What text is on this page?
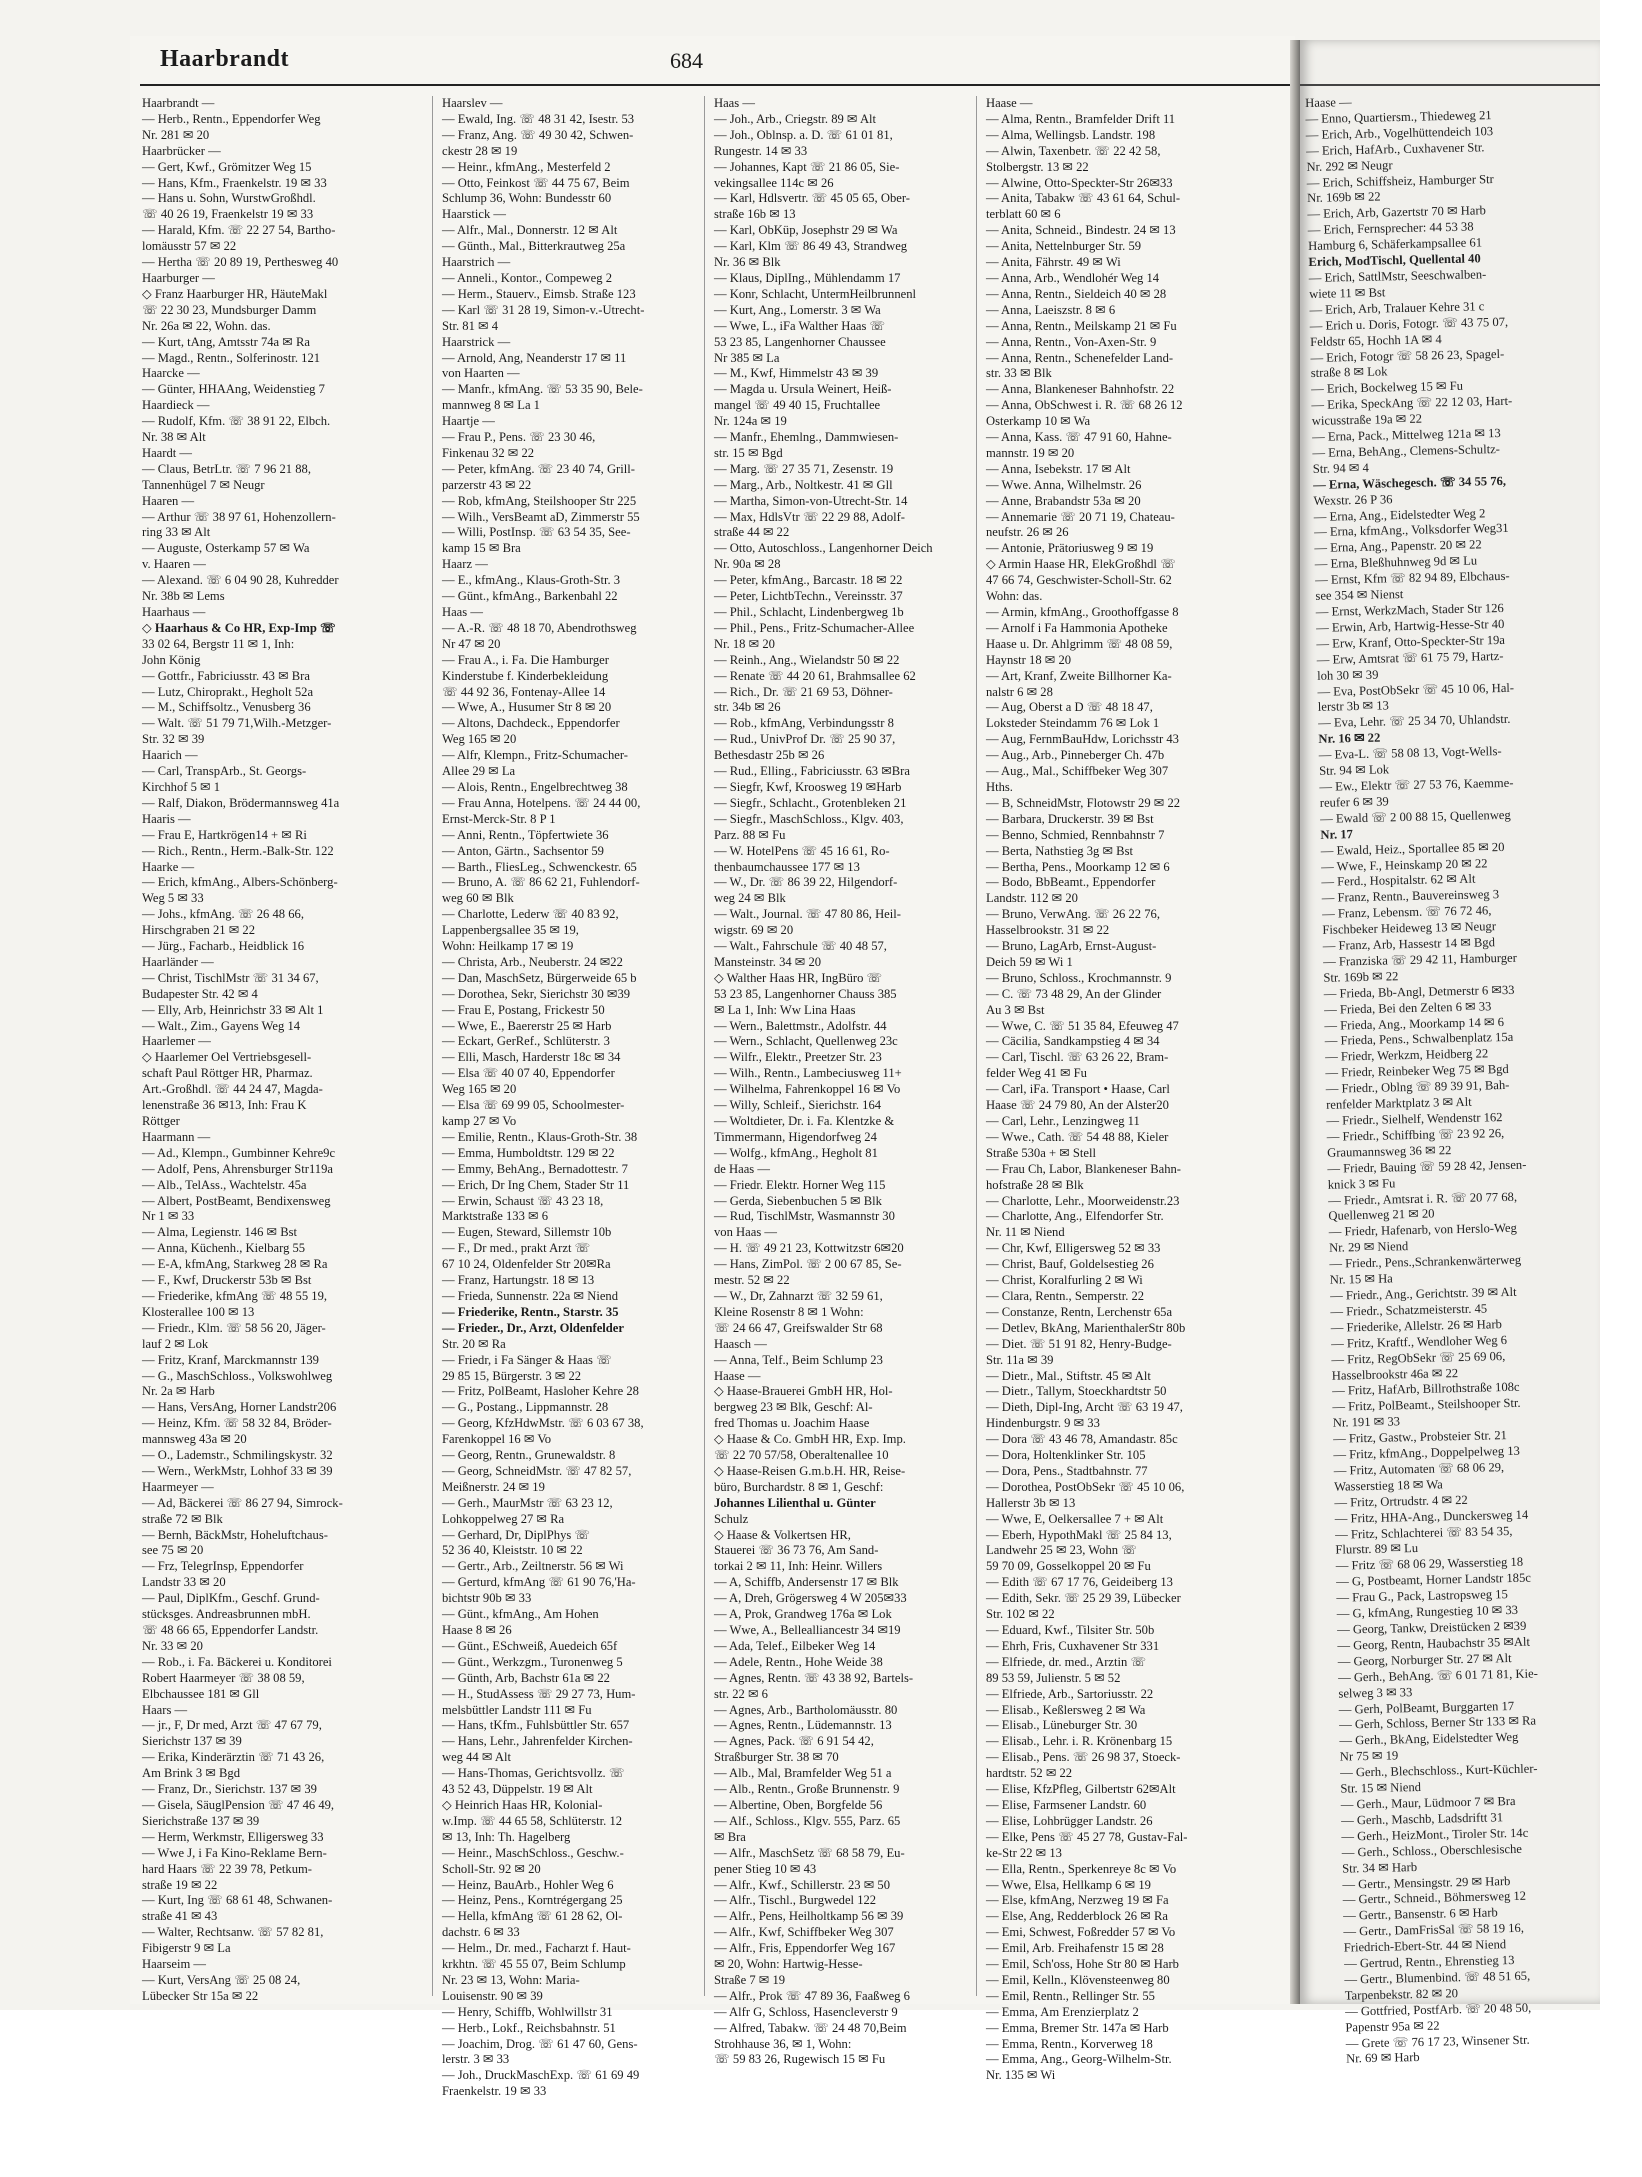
Haarbrandt	684
Haarbrandt —
— Herb., Rentn., Eppendorfer Weg
Nr. 281 ✉ 20
Haarbrücker —
— Gert, Kwf., Grömitzer Weg 15
— Hans, Kfm., Fraenkelstr. 19 ✉ 33
— Hans u. Sohn, WurstwGroßhdl.
☏ 40 26 19, Fraenkelstr 19 ✉ 33
— Harald, Kfm. ☏ 22 27 54, Bartho-
lomäusstr 57 ✉ 22
— Hertha ☏ 20 89 19, Perthesweg 40
Haarburger —
◇ Franz Haarburger HR, HäuteMakl
☏ 22 30 23, Mundsburger Damm
Nr. 26a ✉ 22, Wohn. das.
— Kurt, tAng, Amtsstr 74a ✉ Ra
— Magd., Rentn., Solferinostr. 121
Haarcke —
— Günter, HHAAng, Weidenstieg 7
Haardieck —
— Rudolf, Kfm. ☏ 38 91 22, Elbch.
Nr. 38 ✉ Alt
Haardt —
— Claus, BetrLtr. ☏ 7 96 21 88,
Tannenhügel 7 ✉ Neugr
Haaren —
— Arthur ☏ 38 97 61, Hohenzollern-
ring 33 ✉ Alt
— Auguste, Osterkamp 57 ✉ Wa
v. Haaren —
— Alexand. ☏ 6 04 90 28, Kuhredder
Nr. 38b ✉ Lems
Haarhaus —
◇ Haarhaus & Co HR, Exp-Imp ☏
33 02 64, Bergstr 11 ✉ 1, Inh:
John König
— Gottfr., Fabriciusstr. 43 ✉ Bra
— Lutz, Chiroprakt., Hegholt 52a
— M., Schiffsoltz., Venusberg 36
— Walt. ☏ 51 79 71,Wilh.-Metzger-
Str. 32 ✉ 39
Haarich —
— Carl, TranspArb., St. Georgs-
Kirchhof 5 ✉ 1
— Ralf, Diakon, Brödermannsweg 41a
Haaris —
— Frau E, Hartkrögen14 + ✉ Ri
— Rich., Rentn., Herm.-Balk-Str. 122
Haarke —
— Erich, kfmAng., Albers-Schönberg-
Weg 5 ✉ 33
— Johs., kfmAng. ☏ 26 48 66,
Hirschgraben 21 ✉ 22
— Jürg., Facharb., Heidblick 16
Haarländer —
— Christ, TischlMstr ☏ 31 34 67,
Budapester Str. 42 ✉ 4
— Elly, Arb, Heinrichstr 33 ✉ Alt 1
— Walt., Zim., Gayens Weg 14
Haarlemer —
◇ Haarlemer Oel Vertriebsgesell-
schaft Paul Röttger HR, Pharmaz.
Art.-Großhdl. ☏ 44 24 47, Magda-
lenenstraße 36 ✉13, Inh: Frau K
Röttger
Haarmann —
— Ad., Klempn., Gumbinner Kehre9c
— Adolf, Pens, Ahrensburger Str119a
— Alb., TelAss., Wachtelstr. 45a
— Albert, PostBeamt, Bendixensweg
Nr 1 ✉ 33
— Alma, Legienstr. 146 ✉ Bst
— Anna, Küchenh., Kielbarg 55
— E-A, kfmAng, Starkweg 28 ✉ Ra
— F., Kwf, Druckerstr 53b ✉ Bst
— Friederike, kfmAng ☏ 48 55 19,
Klosterallee 100 ✉ 13
— Friedr., Klm. ☏ 58 56 20, Jäger-
lauf 2 ✉ Lok
— Fritz, Kranf, Marckmannstr 139
— G., MaschSchloss., Volkswohlweg
Nr. 2a ✉ Harb
— Hans, VersAng, Horner Landstr206
— Heinz, Kfm. ☏ 58 32 84, Bröder-
mannsweg 43a ✉ 20
— O., Lademstr., Schmilingskystr. 32
— Wern., WerkMstr, Lohhof 33 ✉ 39
Haarmeyer —
— Ad, Bäckerei ☏ 86 27 94, Simrock-
straße 72 ✉ Blk
— Bernh, BäckMstr, Hoheluftchaus-
see 75 ✉ 20
— Frz, TelegrInsp, Eppendorfer
Landstr 33 ✉ 20
— Paul, DiplKfm., Geschf. Grund-
stücksges. Andreasbrunnen mbH.
☏ 48 66 65, Eppendorfer Landstr.
Nr. 33 ✉ 20
— Rob., i. Fa. Bäckerei u. Konditorei
Robert Haarmeyer ☏ 38 08 59,
Elbchaussee 181 ✉ Gll
Haars —
— jr., F, Dr med, Arzt ☏ 47 67 79,
Sierichstr 137 ✉ 39
— Erika, Kinderärztin ☏ 71 43 26,
Am Brink 3 ✉ Bgd
— Franz, Dr., Sierichstr. 137 ✉ 39
— Gisela, SäuglPension ☏ 47 46 49,
Sierichstraße 137 ✉ 39
— Herm, Werkmstr, Elligersweg 33
— Wwe J, i Fa Kino-Reklame Bern-
hard Haars ☏ 22 39 78, Petkum-
straße 19 ✉ 22
— Kurt, Ing ☏ 68 61 48, Schwanen-
straße 41 ✉ 43
— Walter, Rechtsanw. ☏ 57 82 81,
Fibigerstr 9 ✉ La
Haarseim —
— Kurt, VersAng ☏ 25 08 24,
Lübecker Str 15a ✉ 22
Haarslev —
— Ewald, Ing. ☏ 48 31 42, Isestr. 53
— Franz, Ang. ☏ 49 30 42, Schwen-
ckestr 28 ✉ 19
— Heinr., kfmAng., Mesterfeld 2
— Otto, Feinkost ☏ 44 75 67, Beim
Schlump 36, Wohn: Bundesstr 60
Haarstick —
— Alfr., Mal., Donnerstr. 12 ✉ Alt
— Günth., Mal., Bitterkrautweg 25a
Haarstrich —
— Anneli., Kontor., Compeweg 2
— Herm., Stauerv., Eimsb. Straße 123
— Karl ☏ 31 28 19, Simon-v.-Utrecht-
Str. 81 ✉ 4
Haarstrick —
— Arnold, Ang, Neanderstr 17 ✉ 11
von Haarten —
— Manfr., kfmAng. ☏ 53 35 90, Bele-
mannweg 8 ✉ La 1
Haartje —
— Frau P., Pens. ☏ 23 30 46,
Finkenau 32 ✉ 22
— Peter, kfmAng. ☏ 23 40 74, Grill-
parzerstr 43 ✉ 22
— Rob, kfmAng, Steilshooper Str 225
— Wilh., VersBeamt aD, Zimmerstr 55
— Willi, PostInsp. ☏ 63 54 35, See-
kamp 15 ✉ Bra
Haarz —
— E., kfmAng., Klaus-Groth-Str. 3
— Günt., kfmAng., Barkenbahl 22
Haas —
— A.-R. ☏ 48 18 70, Abendrothsweg
Nr 47 ✉ 20
— Frau A., i. Fa. Die Hamburger
Kinderstube f. Kinderbekleidung
☏ 44 92 36, Fontenay-Allee 14
— Wwe, A., Husumer Str 8 ✉ 20
— Altons, Dachdeck., Eppendorfer
Weg 165 ✉ 20
— Alfr, Klempn., Fritz-Schumacher-
Allee 29 ✉ La
— Alois, Rentn., Engelbrechtweg 38
— Frau Anna, Hotelpens. ☏ 24 44 00,
Ernst-Merck-Str. 8 P 1
— Anni, Rentn., Töpfertwiete 36
— Anton, Gärtn., Sachsentor 59
— Barth., FliesLeg., Schwenckestr. 65
— Bruno, A. ☏ 86 62 21, Fuhlendorf-
weg 60 ✉ Blk
— Charlotte, Lederw ☏ 40 83 92,
Lappenbergsallee 35 ✉ 19,
Wohn: Heilkamp 17 ✉ 19
— Christa, Arb., Neuberstr. 24 ✉22
— Dan, MaschSetz, Bürgerweide 65 b
— Dorothea, Sekr, Sierichstr 30 ✉39
— Frau E, Postang, Frickestr 50
— Wwe, E., Baererstr 25 ✉ Harb
— Eckart, GerRef., Schlüterstr. 3
— Elli, Masch, Harderstr 18c ✉ 34
— Elsa ☏ 40 07 40, Eppendorfer
Weg 165 ✉ 20
— Elsa ☏ 69 99 05, Schoolmester-
kamp 27 ✉ Vo
— Emilie, Rentn., Klaus-Groth-Str. 38
— Emma, Humboldtstr. 129 ✉ 22
— Emmy, BehAng., Bernadottestr. 7
— Erich, Dr Ing Chem, Stader Str 11
— Erwin, Schaust ☏ 43 23 18,
Marktstraße 133 ✉ 6
— Eugen, Steward, Sillemstr 10b
— F., Dr med., prakt Arzt ☏
67 10 24, Oldenfelder Str 20✉Ra
— Franz, Hartungstr. 18 ✉ 13
— Frieda, Sunnenstr. 22a ✉ Niend
— Friederike, Rentn., Starstr. 35
— Frieder., Dr., Arzt, Oldenfelder
Str. 20 ✉ Ra
— Friedr, i Fa Sänger & Haas ☏
29 85 15, Bürgerstr. 3 ✉ 22
— Fritz, PolBeamt, Hasloher Kehre 28
— G., Postang., Lippmannstr. 28
— Georg, KfzHdwMstr. ☏ 6 03 67 38,
Farenkoppel 16 ✉ Vo
— Georg, Rentn., Grunewaldstr. 8
— Georg, SchneidMstr. ☏ 47 82 57,
Meißnerstr. 24 ✉ 19
— Gerh., MaurMstr ☏ 63 23 12,
Lohkoppelweg 27 ✉ Ra
— Gerhard, Dr, DiplPhys ☏
52 36 40, Kleiststr. 10 ✉ 22
— Gertr., Arb., Zeiltnerstr. 56 ✉ Wi
— Gerturd, kfmAng ☏ 61 90 76,'Ha-
bichtstr 90b ✉ 33
— Günt., kfmAng., Am Hohen
Haase 8 ✉ 26
— Günt., ESchweiß, Auedeich 65f
— Günt., Werkzgm., Turonenweg 5
— Günth, Arb, Bachstr 61a ✉ 22
— H., StudAssess ☏ 29 27 73, Hum-
melsbüttler Landstr 111 ✉ Fu
— Hans, tKfm., Fuhlsbüttler Str. 657
— Hans, Lehr., Jahrenfelder Kirchen-
weg 44 ✉ Alt
— Hans-Thomas, Gerichtsvollz. ☏
43 52 43, Düppelstr. 19 ✉ Alt
◇ Heinrich Haas HR, Kolonial-
w.Imp. ☏ 44 65 58, Schlüterstr. 12
✉ 13, Inh: Th. Hagelberg
— Heinr., MaschSchloss., Geschw.-
Scholl-Str. 92 ✉ 20
— Heinz, BauArb., Hohler Weg 6
— Heinz, Pens., Korntrégergang 25
— Hella, kfmAng ☏ 61 28 62, Ol-
dachstr. 6 ✉ 33
— Helm., Dr. med., Facharzt f. Haut-
krkhtn. ☏ 45 55 07, Beim Schlump
Nr. 23 ✉ 13, Wohn: Maria-
Louisenstr. 90 ✉ 39
— Henry, Schiffb, Wohlwillstr 31
— Herb., Lokf., Reichsbahnstr. 51
— Joachim, Drog. ☏ 61 47 60, Gens-
lerstr. 3 ✉ 33
— Joh., DruckMaschExp. ☏ 61 69 49
Fraenkelstr. 19 ✉ 33
Haas —
— Joh., Arb., Criegstr. 89 ✉ Alt
— Joh., Oblnsp. a. D. ☏ 61 01 81,
Rungestr. 14 ✉ 33
— Johannes, Kapt ☏ 21 86 05, Sie-
vekingsallee 114c ✉ 26
— Karl, Hdlsvertr. ☏ 45 05 65, Ober-
straße 16b ✉ 13
— Karl, ObKüp, Josephstr 29 ✉ Wa
— Karl, Klm ☏ 86 49 43, Strandweg
Nr. 36 ✉ Blk
— Klaus, DiplIng., Mühlendamm 17
— Konr, Schlacht, UntermHeilbrunnenl
— Kurt, Ang., Lomerstr. 3 ✉ Wa
— Wwe, L., iFa Walther Haas ☏
53 23 85, Langenhorner Chaussee
Nr 385 ✉ La
— M., Kwf, Himmelstr 43 ✉ 39
— Magda u. Ursula Weinert, Heiß-
mangel ☏ 49 40 15, Fruchtallee
Nr. 124a ✉ 19
— Manfr., Ehemlng., Dammwiesen-
str. 15 ✉ Bgd
— Marg. ☏ 27 35 71, Zesenstr. 19
— Marg., Arb., Noltkestr. 41 ✉ Gll
— Martha, Simon-von-Utrecht-Str. 14
— Max, HdlsVtr ☏ 22 29 88, Adolf-
straße 44 ✉ 22
— Otto, Autoschloss., Langenhorner Deich
Nr. 90a ✉ 28
— Peter, kfmAng., Barcastr. 18 ✉ 22
— Peter, LichtbTechn., Vereinsstr. 37
— Phil., Schlacht, Lindenbergweg 1b
— Phil., Pens., Fritz-Schumacher-Allee
Nr. 18 ✉ 20
— Reinh., Ang., Wielandstr 50 ✉ 22
— Renate ☏ 44 20 61, Brahmsallee 62
— Rich., Dr. ☏ 21 69 53, Döhner-
str. 34b ✉ 26
— Rob., kfmAng, Verbindungsstr 8
— Rud., UnivProf Dr. ☏ 25 90 37,
Bethesdastr 25b ✉ 26
— Rud., Elling., Fabriciusstr. 63 ✉Bra
— Siegfr, Kwf, Kroosweg 19 ✉Harb
— Siegfr., Schlacht., Grotenbleken 21
— Siegfr., MaschSchloss., Klgv. 403,
Parz. 88 ✉ Fu
— W. HotelPens ☏ 45 16 61, Ro-
thenbaumchaussee 177 ✉ 13
— W., Dr. ☏ 86 39 22, Hilgendorf-
weg 24 ✉ Blk
— Walt., Journal. ☏ 47 80 86, Heil-
wigstr. 69 ✉ 20
— Walt., Fahrschule ☏ 40 48 57,
Mansteinstr. 34 ✉ 20
◇ Walther Haas HR, IngBüro ☏
53 23 85, Langenhorner Chauss 385
✉ La 1, Inh: Ww Lina Haas
— Wern., Balettmstr., Adolfstr. 44
— Wern., Schlacht, Quellenweg 23c
— Wilfr., Elektr., Preetzer Str. 23
— Wilh., Rentn., Lambeciusweg 11+
— Wilhelma, Fahrenkoppel 16 ✉ Vo
— Willy, Schleif., Sierichstr. 164
— Woltdieter, Dr. i. Fa. Klentzke &
Timmermann, Higendorfweg 24
— Wolfg., kfmAng., Hegholt 81
de Haas —
— Friedr. Elektr. Horner Weg 115
— Gerda, Siebenbuchen 5 ✉ Blk
— Rud, TischlMstr, Wasmannstr 30
von Haas —
— H. ☏ 49 21 23, Kottwitzstr 6✉20
— Hans, ZimPol. ☏ 2 00 67 85, Se-
mestr. 52 ✉ 22
— W., Dr, Zahnarzt ☏ 32 59 61,
Kleine Rosenstr 8 ✉ 1 Wohn:
☏ 24 66 47, Greifswalder Str 68
Haasch —
— Anna, Telf., Beim Schlump 23
Haase —
◇ Haase-Brauerei GmbH HR, Hol-
bergweg 23 ✉ Blk, Geschf: Al-
fred Thomas u. Joachim Haase
◇ Haase & Co. GmbH HR, Exp. Imp.
☏ 22 70 57/58, Oberaltenallee 10
◇ Haase-Reisen G.m.b.H. HR, Reise-
büro, Burchardstr. 8 ✉ 1, Geschf:
Johannes Lilienthal u. Günter
Schulz
◇ Haase & Volkertsen HR,
Stauerei ☏ 36 73 76, Am Sand-
torkai 2 ✉ 11, Inh: Heinr. Willers
— A, Schiffb, Andersenstr 17 ✉ Blk
— A, Dreh, Grögersweg 4 W 205✉33
— A, Prok, Grandweg 176a ✉ Lok
— Wwe, A., Belleallianc​estr 34 ✉19
— Ada, Telef., Eilbeker Weg 14
— Adele, Rentn., Hohe Weide 38
— Agnes, Rentn. ☏ 43 38 92, Bartels-
str. 22 ✉ 6
— Agnes, Arb., Bartholomäusstr. 80
— Agnes, Rentn., Lüdemannstr. 13
— Agnes, Pack. ☏ 6 91 54 42,
Straßburger Str. 38 ✉ 70
— Alb., Mal, Bramfelder Weg 51 a
— Alb., Rentn., Große Brunnenstr. 9
— Albertine, Oben, Borgfelde 56
— Alf., Schloss., Klgv. 555, Parz. 65
✉ Bra
— Alfr., MaschSetz ☏ 68 58 79, Eu-
pener Stieg 10 ✉ 43
— Alfr., Kwf., Schillerstr. 23 ✉ 50
— Alfr., Tischl., Burgwedel 122
— Alfr., Pens, Heilholtkamp 56 ✉ 39
— Alfr., Kwf, Schiffbeker Weg 307
— Alfr., Fris, Eppendorfer Weg 167
✉ 20, Wohn: Hartwig-Hesse-
Straße 7 ✉ 19
— Alfr., Prok ☏ 47 89 36, Faaßweg 6
— Alfr G, Schloss, Hasencleverstr 9
— Alfred, Tabakw. ☏ 24 48 70,Beim
Strohhause 36, ✉ 1, Wohn:
☏ 59 83 26, Rugewisch 15 ✉ Fu
Haase —
— Alma, Rentn., Bramfelder Drift 11
— Alma, Wellingsb. Landstr. 198
— Alwin, Taxenbetr. ☏ 22 42 58,
Stolbergstr. 13 ✉ 22
— Alwine, Otto-Speckter-Str 26✉33
— Anita, Tabakw ☏ 43 61 64, Schul-
terblatt 60 ✉ 6
— Anita, Schneid., Bindestr. 24 ✉ 13
— Anita, Nettelnburger Str. 59
— Anita, Fährstr. 49 ✉ Wi
— Anna, Arb., Wendlohér Weg 14
— Anna, Rentn., Sieldeich 40 ✉ 28
— Anna, Laeiszstr. 8 ✉ 6
— Anna, Rentn., Meilskamp 21 ✉ Fu
— Anna, Rentn., Von-Axen-Str. 9
— Anna, Rentn., Schenefelder Land-
str. 33 ✉ Blk
— Anna, Blankeneser Bahnhofstr. 22
— Anna, ObSchwest i. R. ☏ 68 26 12
Osterkamp 10 ✉ Wa
— Anna, Kass. ☏ 47 91 60, Hahne-
mannstr. 19 ✉ 20
— Anna, Isebekstr. 17 ✉ Alt
— Wwe. Anna, Wilhelmstr. 26
— Anne, Brabandstr 53a ✉ 20
— Annemarie ☏ 20 71 19, Chateau-
neufstr. 26 ✉ 26
— Antonie, Prätoriusweg 9 ✉ 19
◇ Armin Haase HR, ElekGroßhdl ☏
47 66 74, Geschwister-Scholl-Str. 62
Wohn: das.
— Armin, kfmAng., Groothoffgasse 8
— Arnolf i Fa Hammonia Apotheke
Haase u. Dr. Ahlgrimm ☏ 48 08 59,
Haynstr 18 ✉ 20
— Art, Kranf, Zweite Billhorner Ka-
nalstr 6 ✉ 28
— Aug, Oberst a D ☏ 48 18 47,
Loksteder Steindamm 76 ✉ Lok 1
— Aug, FernmBauHdw, Lorichsstr 43
— Aug., Arb., Pinneberger Ch. 47b
— Aug., Mal., Schiffbeker Weg 307
Hths.
— B, SchneidMstr, Flotowstr 29 ✉ 22
— Barbara, Druckerstr. 39 ✉ Bst
— Benno, Schmied, Rennbahnstr 7
— Berta, Nathstieg 3g ✉ Bst
— Bertha, Pens., Moorkamp 12 ✉ 6
— Bodo, BbBeamt., Eppendorfer
Landstr. 112 ✉ 20
— Bruno, VerwAng. ☏ 26 22 76,
Hasselbrookstr. 31 ✉ 22
— Bruno, LagArb, Ernst-August-
Deich 59 ✉ Wi 1
— Bruno, Schloss., Krochmannstr. 9
— C. ☏ 73 48 29, An der Glinder
Au 3 ✉ Bst
— Wwe, C. ☏ 51 35 84, Efeuweg 47
— Cäcilia, Sandkampstieg 4 ✉ 34
— Carl, Tischl. ☏ 63 26 22, Bram-
felder Weg 41 ✉ Fu
— Carl, iFa. Transport • Haase, Carl
Haase ☏ 24 79 80, An der Alster20
— Carl, Lehr., Lenzingweg 11
— Wwe., Cath. ☏ 54 48 88, Kieler
Straße 530a + ✉ Stell
— Frau Ch, Labor, Blankeneser Bahn-
hofstraße 28 ✉ Blk
— Charlotte, Lehr., Moorweidenstr.23
— Charlotte, Ang., Elfendorfer Str.
Nr. 11 ✉ Niend
— Chr, Kwf, Elligersweg 52 ✉ 33
— Christ, Bauf, Goldelsestieg 26
— Christ, Koralfurling 2 ✉ Wi
— Clara, Rentn., Semperstr. 22
— Constanze, Rentn, Lerchenstr 65a
— Detlev, BkAng, MarienthalerStr 80b
— Diet. ☏ 51 91 82, Henry-Budge-
Str. 11a ✉ 39
— Dietr., Mal., Stiftstr. 45 ✉ Alt
— Dietr., Tallym, Stoeckhardtstr 50
— Dieth, Dipl-Ing, Archt ☏ 63 19 47,
Hindenburgstr. 9 ✉ 33
— Dora ☏ 43 46 78, Amandastr. 85c
— Dora, Holtenklinker Str. 105
— Dora, Pens., Stadtbahnstr. 77
— Dorothea, PostObSekr ☏ 45 10 06,
Hallerstr 3b ✉ 13
— Wwe, E, Oelkersallee 7 + ✉ Alt
— Eberh, HypothMakl ☏ 25 84 13,
Landwehr 25 ✉ 23, Wohn ☏
59 70 09, Gosselkoppel 20 ✉ Fu
— Edith ☏ 67 17 76, Geideiberg 13
— Edith, Sekr. ☏ 25 29 39, Lübecker
Str. 102 ✉ 22
— Eduard, Kwf., Tilsiter Str. 50b
— Ehrh, Fris, Cuxhavener Str 331
— Elfriede, dr. med., Arztin ☏
89 53 59, Julienstr. 5 ✉ 52
— Elfriede, Arb., Sartoriusstr. 22
— Elisab., Keßlersweg 2 ✉ Wa
— Elisab., Lüneburger Str. 30
— Elisab., Lehr. i. R. Krönenbarg 15
— Elisab., Pens. ☏ 26 98 37, Stoeck-
hardtstr. 52 ✉ 22
— Elise, KfzPfleg, Gilbertstr 62✉Alt
— Elise, Farmsener Landstr. 60
— Elise, Lohbrügger Landstr. 26
— Elke, Pens ☏ 45 27 78, Gustav-Fal-
ke-Str 22 ✉ 13
— Ella, Rentn., Sperkenreye 8c ✉ Vo
— Wwe, Elsa, Hellkamp 6 ✉ 19
— Else, kfmAng, Nerzweg 19 ✉ Fa
— Else, Ang, Redderblock 26 ✉ Ra
— Emi, Schwest, Foßredder 57 ✉ Vo
— Emil, Arb. Freihafenstr 15 ✉ 28
— Emil, Sch'oss, Hohe Str 80 ✉ Harb
— Emil, Kelln., Klövensteenweg 80
— Emil, Rentn., Rellinger Str. 55
— Emma, Am Erenzierplatz 2
— Emma, Bremer Str. 147a ✉ Harb
— Emma, Rentn., Korverweg 18
— Emma, Ang., Georg-Wilhelm-Str.
Nr. 135 ✉ Wi
Haase —
— Enno, Quartiersm., Thiedeweg 21
— Erich, Arb., Vogelhüttendeich 103
— Erich, HafArb., Cuxhavener Str.
Nr. 292 ✉ Neugr
— Erich, Schiffsheiz, Hamburger Str
Nr. 169b ✉ 22
— Erich, Arb, Gazertstr 70 ✉ Harb
— Erich, Fernsprecher: 44 53 38
Hamburg 6, Schäferkampsallee 61
Erich, ModTischl, Quellental 40
— Erich, SattlMstr, Seeschwalben-
wiete 11 ✉ Bst
— Erich, Arb, Tralauer Kehre 31 c
— Erich u. Doris, Fotogr. ☏ 43 75 07,
Feldstr 65, Hochh 1A ✉ 4
— Erich, Fotogr ☏ 58 26 23, Spagel-
straße 8 ✉ Lok
— Erich, Bockelweg 15 ✉ Fu
— Erika, SpeckAng ☏ 22 12 03, Hart-
wicusstraße 19a ✉ 22
— Erna, Pack., Mittelweg 121a ✉ 13
— Erna, BehAng., Clemens-Schultz-
Str. 94 ✉ 4
— Erna, Wäschegesch. ☏ 34 55 76,
Wexstr. 26 P 36
— Erna, Ang., Eidelstedter Weg 2
— Erna, kfmAng., Volksdorfer Weg31
— Erna, Ang., Papenstr. 20 ✉ 22
— Erna, Bleßhuhnweg 9d ✉ Lu
— Ernst, Kfm ☏ 82 94 89, Elbchaus-
see 354 ✉ Nienst
— Ernst, WerkzMach, Stader Str 126
— Erwin, Arb, Hartwig-Hesse-Str 40
— Erw, Kranf, Otto-Speckter-Str 19a
— Erw, Amtsrat ☏ 61 75 79, Hartz-
loh 30 ✉ 39
— Eva, PostObSekr ☏ 45 10 06, Hal-
lerstr 3b ✉ 13
— Eva, Lehr. ☏ 25 34 70, Uhlandstr.
Nr. 16 ✉ 22
— Eva-L. ☏ 58 08 13, Vogt-Wells-
Str. 94 ✉ Lok
— Ew., Elektr ☏ 27 53 76, Kaemme-
reufer 6 ✉ 39
— Ewald ☏ 2 00 88 15, Quellenweg
Nr. 17
— Ewald, Heiz., Sportallee 85 ✉ 20
— Wwe, F., Heinskamp 20 ✉ 22
— Ferd., Hospitalstr. 62 ✉ Alt
— Franz, Rentn., Bauvereinsweg 3
— Franz, Lebensm. ☏ 76 72 46,
Fischbeker Heideweg 13 ✉ Neugr
— Franz, Arb, Hassestr 14 ✉ Bgd
— Franziska ☏ 29 42 11, Hamburger
Str. 169b ✉ 22
— Frieda, Bb-Angl, Detmerstr 6 ✉33
— Frieda, Bei den Zelten 6 ✉ 33
— Frieda, Ang., Moorkamp 14 ✉ 6
— Frieda, Pens., Schwalbenplatz 15a
— Friedr, Werkzm, Heidberg 22
— Friedr, Reinbeker Weg 75 ✉ Bgd
— Friedr., Oblng ☏ 89 39 91, Bah-
renfelder Marktplatz 3 ✉ Alt
— Friedr., Sielhelf, Wendenstr 162
— Friedr., Schiffbing ☏ 23 92 26,
Graumannsweg 36 ✉ 22
— Friedr, Bauing ☏ 59 28 42, Jensen-
knick 3 ✉ Fu
— Friedr., Amtsrat i. R. ☏ 20 77 68,
Quellenweg 21 ✉ 20
— Friedr, Hafenarb, von Herslo-Weg
Nr. 29 ✉ Niend
— Friedr., Pens.,Schrankenwärterweg
Nr. 15 ✉ Ha
— Friedr., Ang., Gerichtstr. 39 ✉ Alt
— Friedr., Schatzmeisterstr. 45
— Friederike, Allelstr. 26 ✉ Harb
— Fritz, Kraftf., Wendloher Weg 6
— Fritz, RegObSekr ☏ 25 69 06,
Hasselbrookstr 46a ✉ 22
— Fritz, HafArb, Billrothstraße 108c
— Fritz, PolBeamt., Steilshooper Str.
Nr. 191 ✉ 33
— Fritz, Gastw., Probsteier Str. 21
— Fritz, kfmAng., Doppelpelweg 13
— Fritz, Automaten ☏ 68 06 29,
Wasserstieg 18 ✉ Wa
— Fritz, Ortrudstr. 4 ✉ 22
— Fritz, HHA-Ang., Dunckersweg 14
— Fritz, Schlachterei ☏ 83 54 35,
Flurstr. 89 ✉ Lu
— Fritz ☏ 68 06 29, Wasserstieg 18
— G, Postbeamt, Horner Landstr 185c
— Frau G., Pack, Lastropsweg 15
— G, kfmAng, Rungestieg 10 ✉ 33
— Georg, Tankw, Dreistücken 2 ✉39
— Georg, Rentn, Haubachstr 35 ✉Alt
— Georg, Norburger Str. 27 ✉ Alt
— Gerh., BehAng. ☏ 6 01 71 81, Kie-
selweg 3 ✉ 33
— Gerh, PolBeamt, Burggarten 17
— Gerh, Schloss, Berner Str 133 ✉ Ra
— Gerh., BkAng, Eidelstedter Weg
Nr 75 ✉ 19
— Gerh., Blechschloss., Kurt-Küchler-
Str. 15 ✉ Niend
— Gerh., Maur, Lüdmoor 7 ✉ Bra
— Gerh., Maschb, Ladsdriftt 31
— Gerh., HeizMont., Tiroler Str. 14c
— Gerh., Schloss., Oberschlesische
Str. 34 ✉ Harb
— Gertr., Mensingstr. 29 ✉ Harb
— Gertr., Schneid., Böhmersweg 12
— Gertr., Bansenstr. 6 ✉ Harb
— Gertr., DamFrisSal ☏ 58 19 16,
Friedrich-Ebert-Str. 44 ✉ Niend
— Gertrud, Rentn., Ehrenstieg 13
— Gertr., Blumenbind. ☏ 48 51 65,
Tarpenbekstr. 82 ✉ 20
— Gottfried, PostfArb. ☏ 20 48 50,
Papenstr 95a ✉ 22
— Grete ☏ 76 17 23, Winsener Str.
Nr. 69 ✉ Harb
